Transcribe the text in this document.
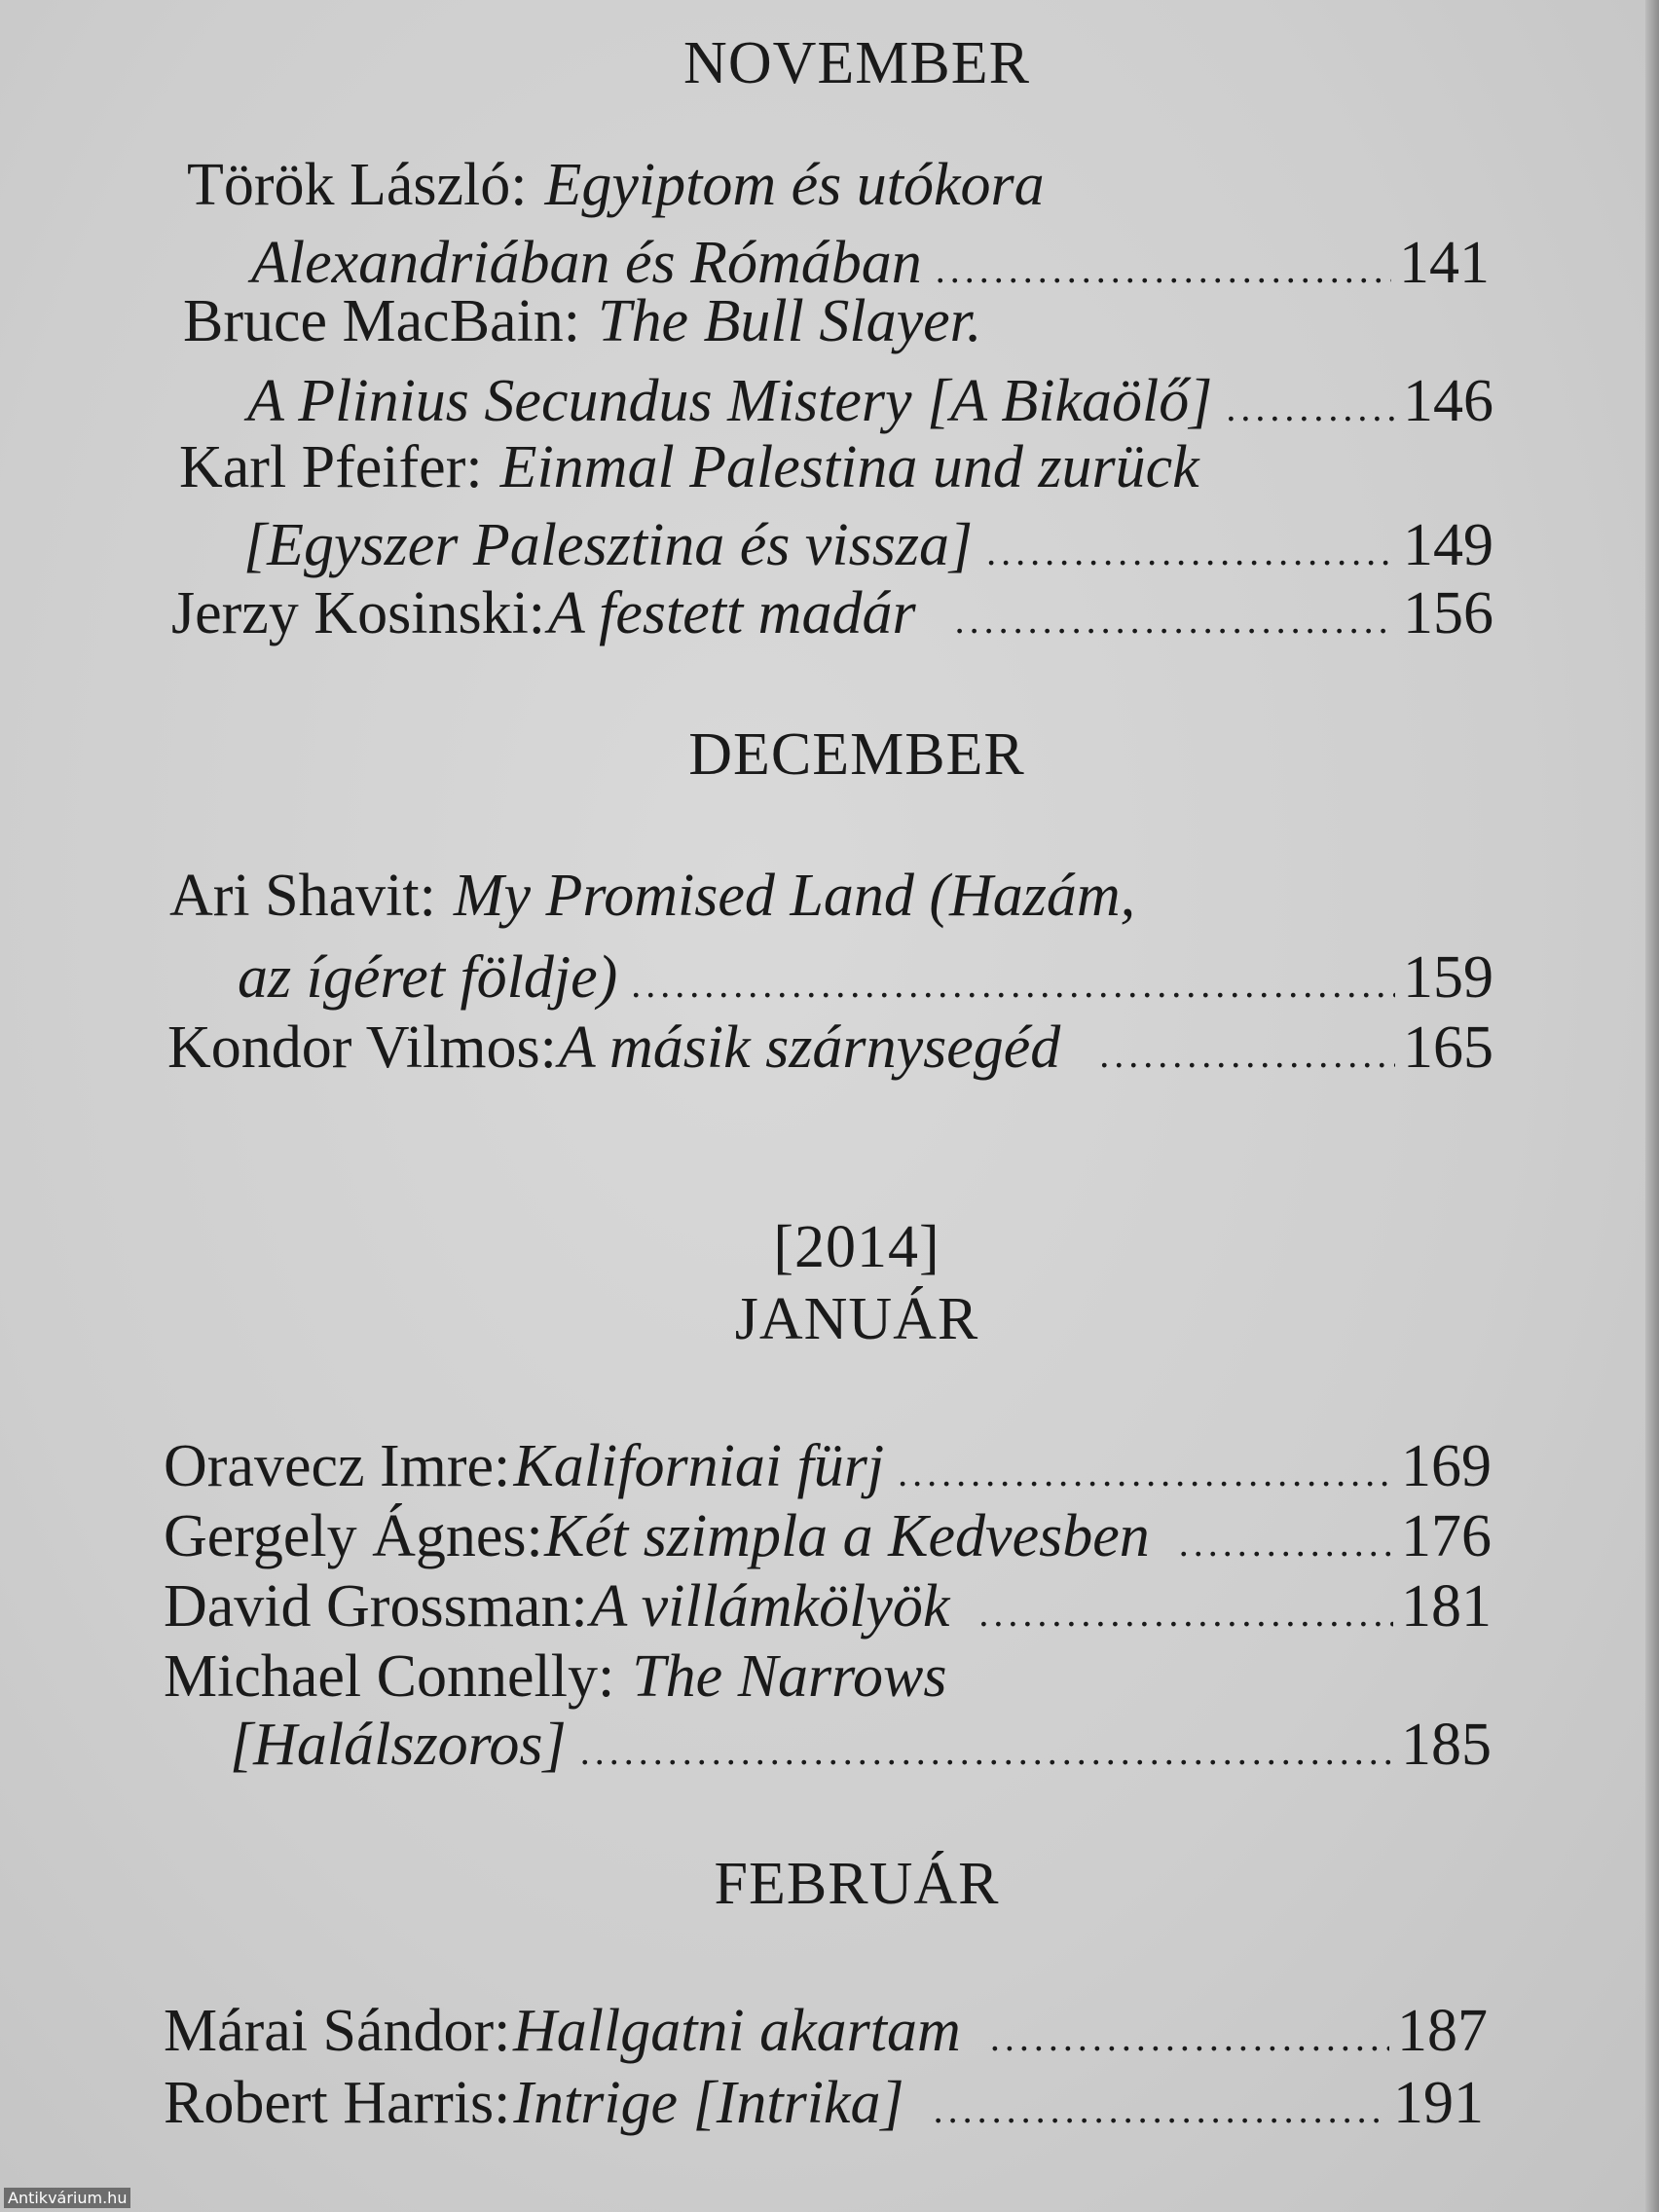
NOVEMBER
Török László: Egyiptom és utókora
Alexandriában és Rómában .....	141
Bruce MacBain: The Bull Slayer.
A Plinius Secundus Mistery [A Bikaölő] .....	146
Karl Pfeifer: Einmal Palestina und zurück
[Egyszer Palesztina és vissza] .....	149
Jerzy Kosinski: A festett madár .....	156
DECEMBER
Ari Shavit: My Promised Land (Hazám,
az ígéret földje) .....	159
Kondor Vilmos: A másik szárnysegéd .....	165
[2014]
JANUÁR
Oravecz Imre: Kaliforniai fürj .....	169
Gergely Ágnes: Két szimpla a Kedvesben .....	176
David Grossman: A villámkölyök .....	181
Michael Connelly: The Narrows
[Halálszoros] .....	185
FEBRUÁR
Márai Sándor: Hallgatni akartam .....	187
Robert Harris: Intrige [Intrika] .....	191
Antikvárium.hu
